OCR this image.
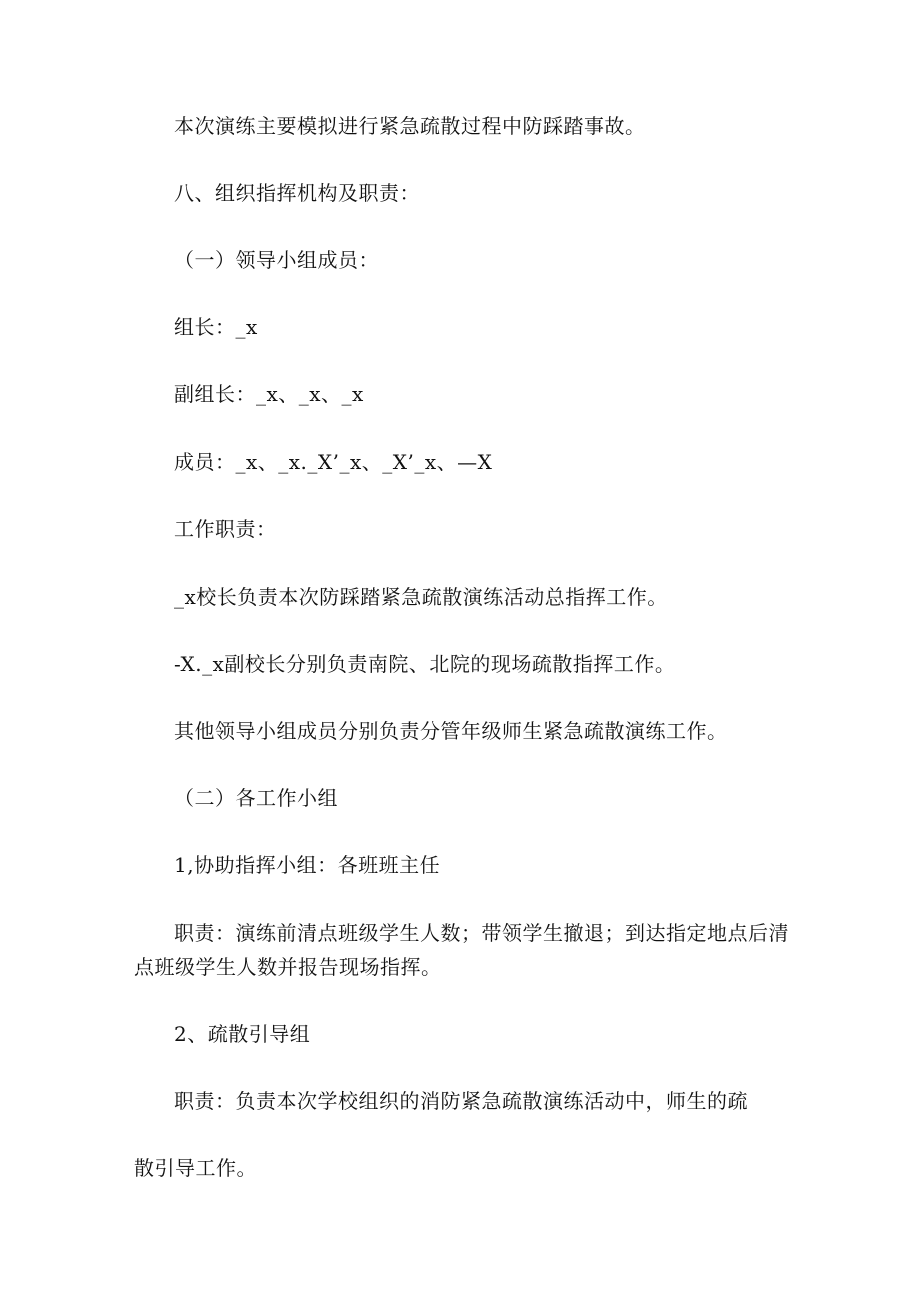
本次演练主要模拟进行紧急疏散过程中防踩踏事故。
八、组织指挥机构及职责：
（一）领导小组成员：
组长：_x
副组长：_x、_x、_x
成员：_x、_x._X’_x、_X’_x、—X
工作职责：
_x校长负责本次防踩踏紧急疏散演练活动总指挥工作。
-X._x副校长分别负责南院、北院的现场疏散指挥工作。
其他领导小组成员分别负责分管年级师生紧急疏散演练工作。
（二）各工作小组
1,协助指挥小组：各班班主任
职责：演练前清点班级学生人数；带领学生撤退；到达指定地点后清
点班级学生人数并报告现场指挥。
2、疏散引导组
职责：负责本次学校组织的消防紧急疏散演练活动中，师生的疏
散引导工作。
